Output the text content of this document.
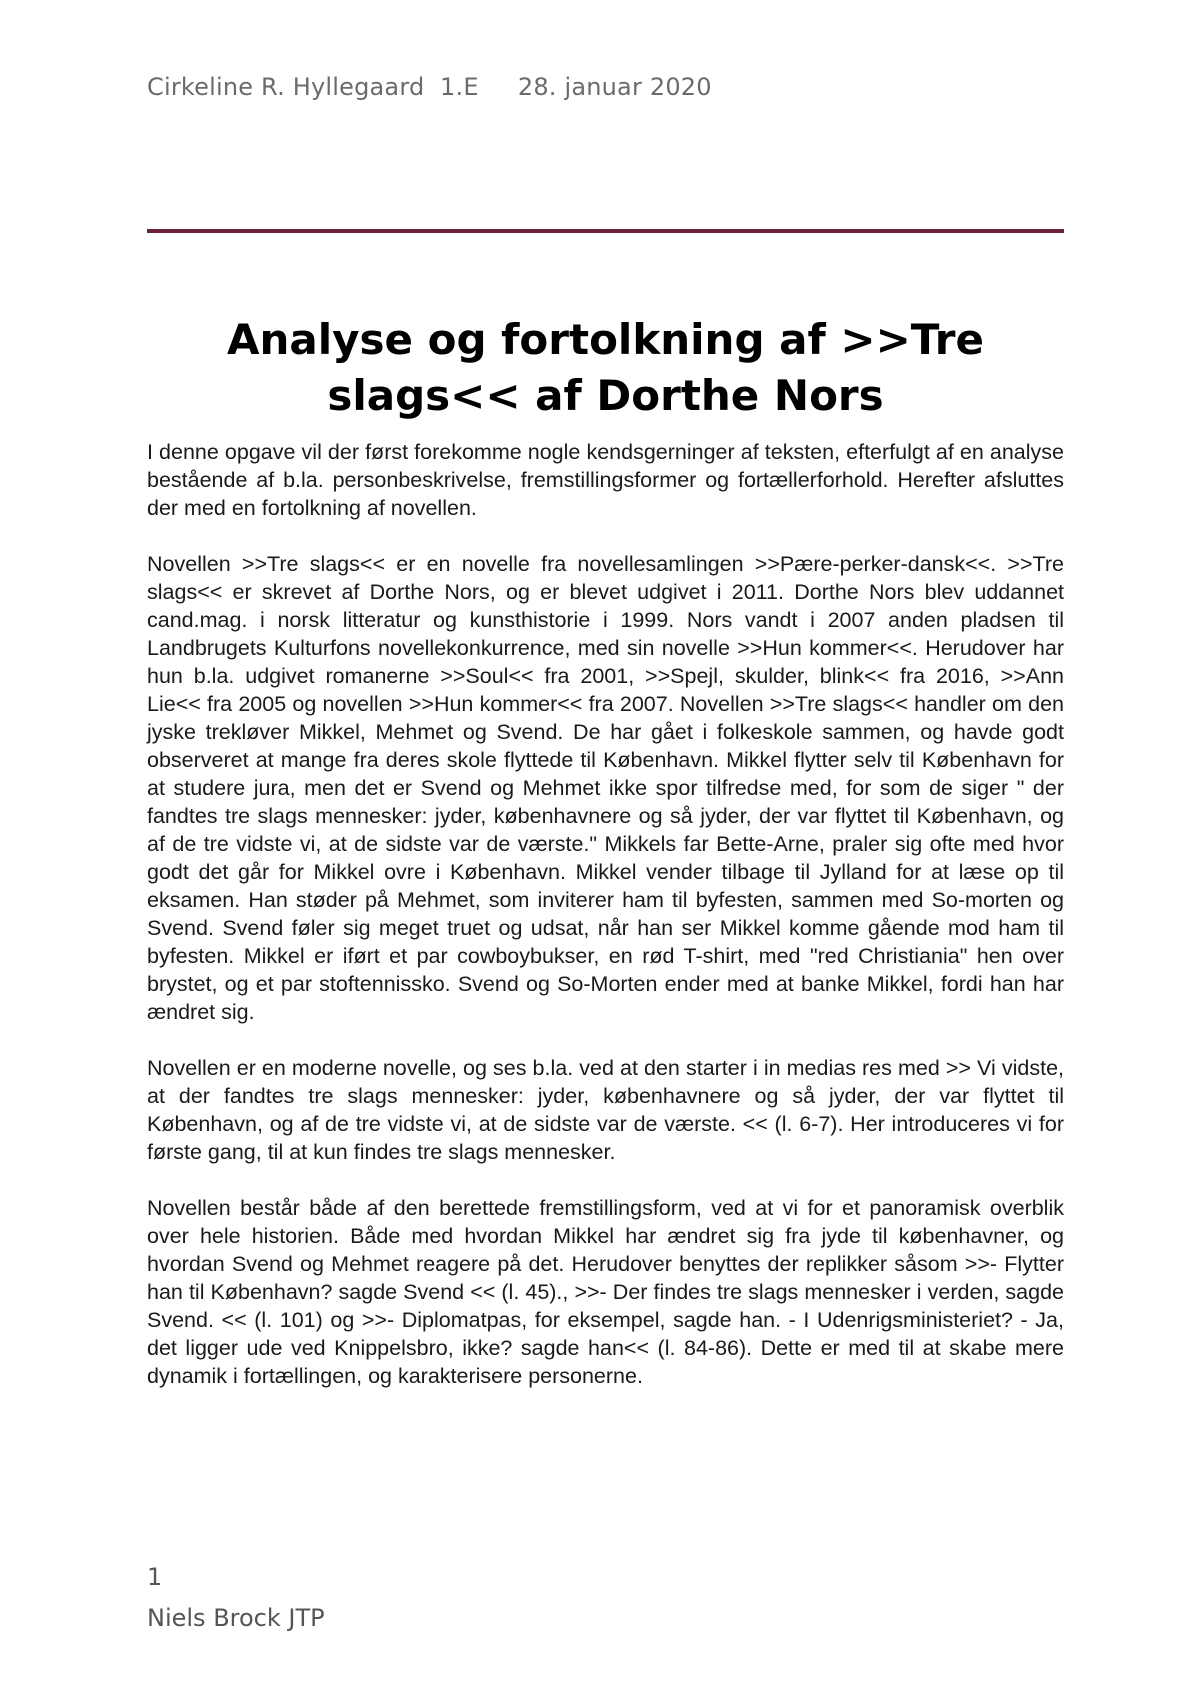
Cirkeline R. Hyllegaard  1.E     28. januar 2020
Analyse og fortolkning af >>Tre slags<< af Dorthe Nors

I denne opgave vil der først forekomme nogle kendsgerninger af teksten, efterfulgt af en analyse bestående af b.la. personbeskrivelse, fremstillingsformer og fortællerforhold. Herefter afsluttes der med en fortolkning af novellen.

Novellen >>Tre slags<< er en novelle fra novellesamlingen >>Pære-perker-dansk<<. >>Tre slags<< er skrevet af Dorthe Nors, og er blevet udgivet i 2011. Dorthe Nors blev uddannet cand.mag. i norsk litteratur og kunsthistorie i 1999. Nors vandt i 2007 anden pladsen til Landbrugets Kulturfons novellekonkurrence, med sin novelle >>Hun kommer<<. Herudover har hun b.la. udgivet romanerne >>Soul<< fra 2001, >>Spejl, skulder, blink<< fra 2016, >>Ann Lie<< fra 2005 og novellen >>Hun kommer<< fra 2007. Novellen >>Tre slags<< handler om den jyske trekløver Mikkel, Mehmet og Svend. De har gået i folkeskole sammen, og havde godt observeret at mange fra deres skole flyttede til København. Mikkel flytter selv til København for at studere jura, men det er Svend og Mehmet ikke spor tilfredse med, for som de siger " der fandtes tre slags mennesker: jyder, københavnere og så jyder, der var flyttet til København, og af de tre vidste vi, at de sidste var de værste." Mikkels far Bette-Arne, praler sig ofte med hvor godt det går for Mikkel ovre i København. Mikkel vender tilbage til Jylland for at læse op til eksamen. Han støder på Mehmet, som inviterer ham til byfesten, sammen med So-morten og Svend. Svend føler sig meget truet og udsat, når han ser Mikkel komme gående mod ham til byfesten. Mikkel er iført et par cowboybukser, en rød T-shirt, med "red Christiania" hen over brystet, og et par stoftennissko. Svend og So-Morten ender med at banke Mikkel, fordi han har ændret sig.

Novellen er en moderne novelle, og ses b.la. ved at den starter i in medias res med >> Vi vidste, at der fandtes tre slags mennesker: jyder, københavnere og så jyder, der var flyttet til København, og af de tre vidste vi, at de sidste var de værste. << (l. 6-7). Her introduceres vi for første gang, til at kun findes tre slags mennesker.

Novellen består både af den berettede fremstillingsform, ved at vi for et panoramisk overblik over hele historien. Både med hvordan Mikkel har ændret sig fra jyde til københavner, og hvordan Svend og Mehmet reagere på det. Herudover benyttes der replikker såsom >>- Flytter han til København? sagde Svend << (l. 45)., >>- Der findes tre slags mennesker i verden, sagde Svend. << (l. 101) og >>- Diplomatpas, for eksempel, sagde han. - I Udenrigsministeriet? - Ja, det ligger ude ved Knippelsbro, ikke? sagde han<< (l. 84-86). Dette er med til at skabe mere dynamik i fortællingen, og karakterisere personerne.

1
Niels Brock JTP
